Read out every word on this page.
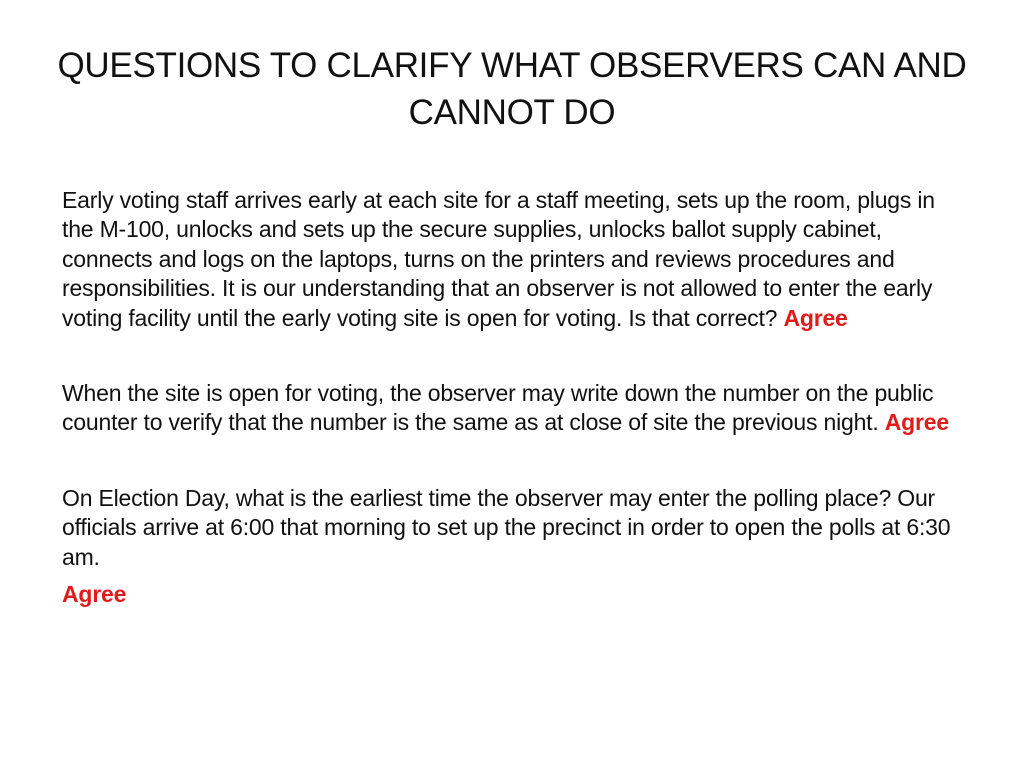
QUESTIONS TO CLARIFY WHAT OBSERVERS CAN AND CANNOT DO

Early voting staff arrives early at each site for a staff meeting, sets up the room, plugs in the M-100, unlocks and sets up the secure supplies, unlocks ballot supply cabinet, connects and logs on the laptops, turns on the printers and reviews procedures and responsibilities. It is our understanding that an observer is not allowed to enter the early voting facility until the early voting site is open for voting. Is that correct? Agree

When the site is open for voting, the observer may write down the number on the public counter to verify that the number is the same as at close of site the previous night. Agree

On Election Day, what is the earliest time the observer may enter the polling place? Our officials arrive at 6:00 that morning to set up the precinct in order to open the polls at 6:30 am.

Agree
